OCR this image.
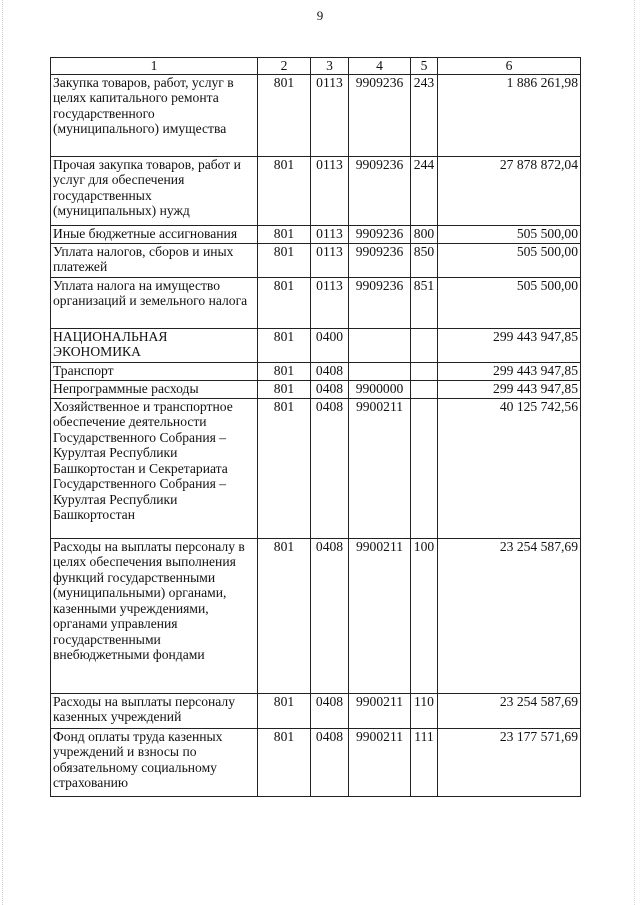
9
1	2	3	4	5	6
Закупка товаров, работ, услуг в целях капитального ремонта государственного (муниципального) имущества	801	0113	9909236	243	1 886 261,98
Прочая закупка товаров, работ и услуг для обеспечения государственных (муниципальных) нужд	801	0113	9909236	244	27 878 872,04
Иные бюджетные ассигнования	801	0113	9909236	800	505 500,00
Уплата налогов, сборов и иных платежей	801	0113	9909236	850	505 500,00
Уплата налога на имущество организаций и земельного налога	801	0113	9909236	851	505 500,00
НАЦИОНАЛЬНАЯ ЭКОНОМИКА	801	0400			299 443 947,85
Транспорт	801	0408			299 443 947,85
Непрограммные расходы	801	0408	9900000		299 443 947,85
Хозяйственное и транспортное обеспечение деятельности Государственного Собрания – Курултая Республики Башкортостан и Секретариата Государственного Собрания – Курултая Республики Башкортостан	801	0408	9900211		40 125 742,56
Расходы на выплаты персоналу в целях обеспечения выполнения функций государственными (муниципальными) органами, казенными учреждениями, органами управления государственными внебюджетными фондами	801	0408	9900211	100	23 254 587,69
Расходы на выплаты персоналу казенных учреждений	801	0408	9900211	110	23 254 587,69
Фонд оплаты труда казенных учреждений и взносы по обязательному социальному страхованию	801	0408	9900211	111	23 177 571,69
